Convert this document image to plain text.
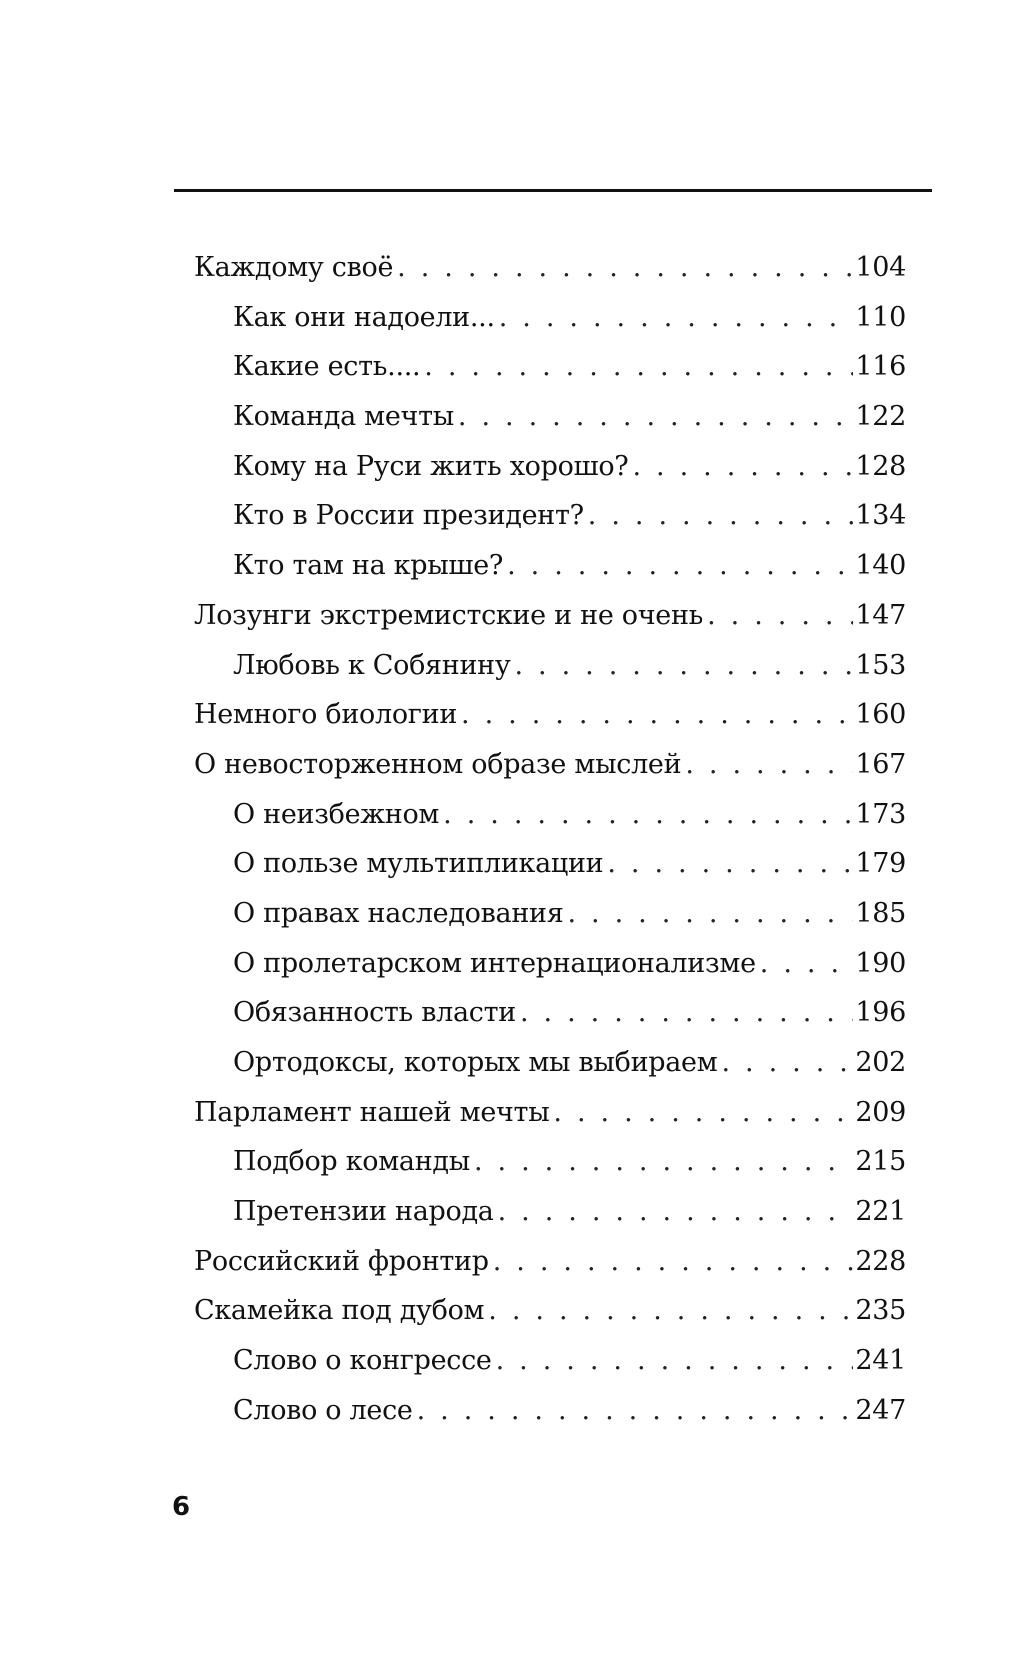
Каждому своё . . .	104
Как они надоели... . . .	110
Какие есть.... . . .	116
Команда мечты . . .	122
Кому на Руси жить хорошо? . . .	128
Кто в России президент? . . .	134
Кто там на крыше? . . .	140
Лозунги экстремистские и не очень . . .	147
Любовь к Собянину . . .	153
Немного биологии . . .	160
О невосторженном образе мыслей . . .	167
О неизбежном . . .	173
О пользе мультипликации . . .	179
О правах наследования . . .	185
О пролетарском интернационализме . . .	190
Обязанность власти . . .	196
Ортодоксы, которых мы выбираем . . .	202
Парламент нашей мечты . . .	209
Подбор команды . . .	215
Претензии народа . . .	221
Российский фронтир . . .	228
Скамейка под дубом . . .	235
Слово о конгрессе . . .	241
Слово о лесе . . .	247
6
